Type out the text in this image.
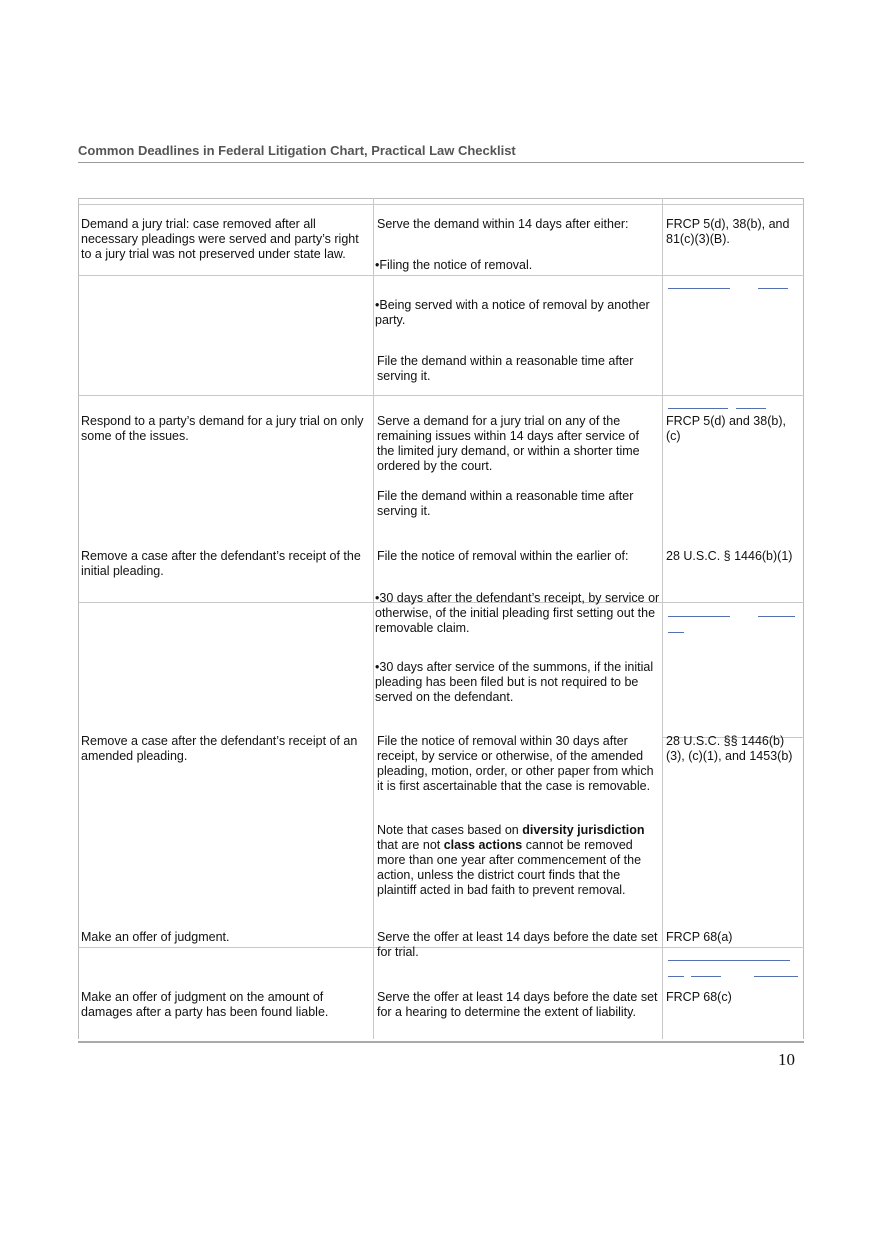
Common Deadlines in Federal Litigation Chart, Practical Law Checklist
Demand a jury trial: case removed after all necessary pleadings were served and party’s right to a jury trial was not preserved under state law.
Serve the demand within 14 days after either:
•Filing the notice of removal.
•Being served with a notice of removal by another party.
File the demand within a reasonable time after serving it.
FRCP 5(d), 38(b), and 81(c)(3)(B).
Respond to a party’s demand for a jury trial on only some of the issues.
Serve a demand for a jury trial on any of the remaining issues within 14 days after service of the limited jury demand, or within a shorter time ordered by the court.
File the demand within a reasonable time after serving it.
FRCP 5(d) and 38(b), (c)
Remove a case after the defendant’s receipt of the initial pleading.
File the notice of removal within the earlier of:
•30 days after the defendant’s receipt, by service or otherwise, of the initial pleading first setting out the removable claim.
•30 days after service of the summons, if the initial pleading has been filed but is not required to be served on the defendant.
28 U.S.C. § 1446(b)(1)
Remove a case after the defendant’s receipt of an amended pleading.
File the notice of removal within 30 days after receipt, by service or otherwise, of the amended pleading, motion, order, or other paper from which it is first ascertainable that the case is removable.
Note that cases based on diversity jurisdiction that are not class actions cannot be removed more than one year after commencement of the action, unless the district court finds that the plaintiff acted in bad faith to prevent removal.
28 U.S.C. §§ 1446(b)(3), (c)(1), and 1453(b)
Make an offer of judgment.	Serve the offer at least 14 days before the date set for trial.
FRCP 68(a)
Make an offer of judgment on the amount of damages after a party has been found liable.
Serve the offer at least 14 days before the date set for a hearing to determine the extent of liability.
FRCP 68(c)
10
